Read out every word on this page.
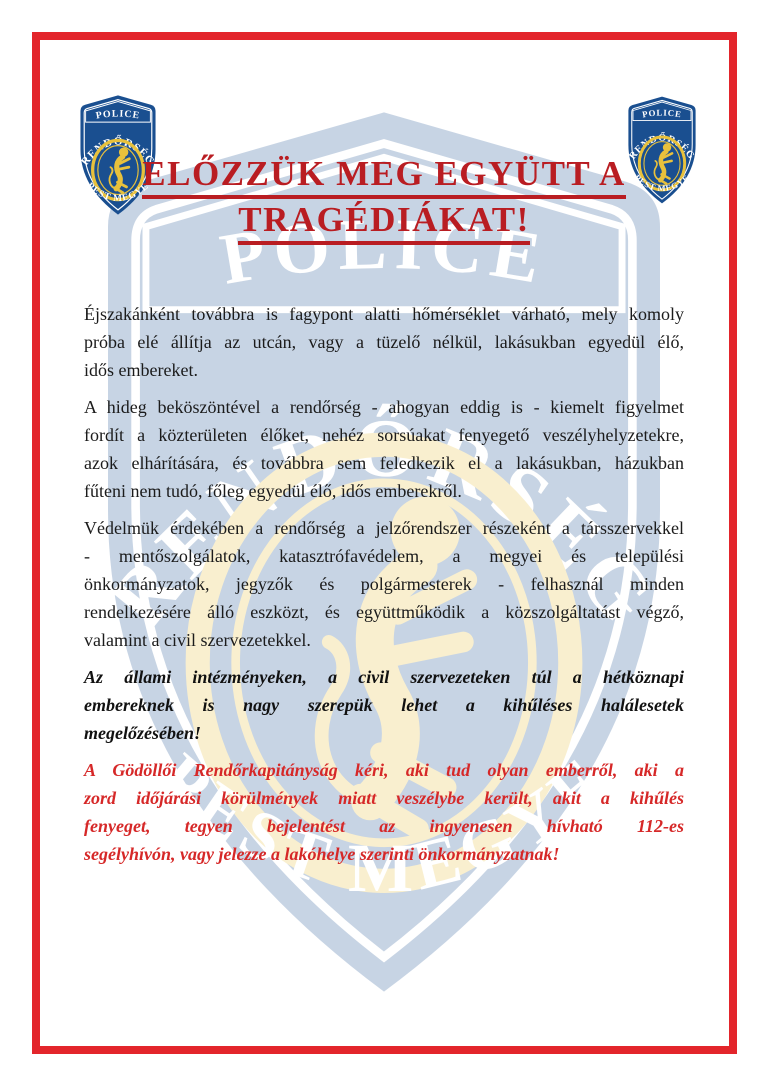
ELŐZZÜK MEG EGYÜTT A
TRAGÉDIÁKAT!
Éjszakánként továbbra is fagypont alatti hőmérséklet várható, mely komoly
próba elé állítja az utcán, vagy a tüzelő nélkül, lakásukban egyedül élő,
idős embereket.
A hideg beköszöntével a rendőrség - ahogyan eddig is - kiemelt figyelmet
fordít a közterületen élőket, nehéz sorsúakat fenyegető veszélyhelyzetekre,
azok elhárítására, és továbbra sem feledkezik el a lakásukban, házukban
fűteni nem tudó, főleg egyedül élő, idős emberekről.
Védelmük érdekében a rendőrség a jelzőrendszer részeként a társszervekkel
- mentőszolgálatok, katasztrófavédelem, a megyei és települési
önkormányzatok, jegyzők és polgármesterek - felhasznál minden
rendelkezésére álló eszközt, és együttműködik a közszolgáltatást végző,
valamint a civil szervezetekkel.
Az állami intézményeken, a civil szervezeteken túl a hétköznapi
embereknek is nagy szerepük lehet a kihűléses halálesetek
megelőzésében!
A Gödöllői Rendőrkapitányság kéri, aki tud olyan emberről, aki a
zord időjárási körülmények miatt veszélybe került, akit a kihűlés
fenyeget, tegyen bejelentést az ingyenesen hívható 112-es
segélyhívón, vagy jelezze a lakóhelye szerinti önkormányzatnak!
